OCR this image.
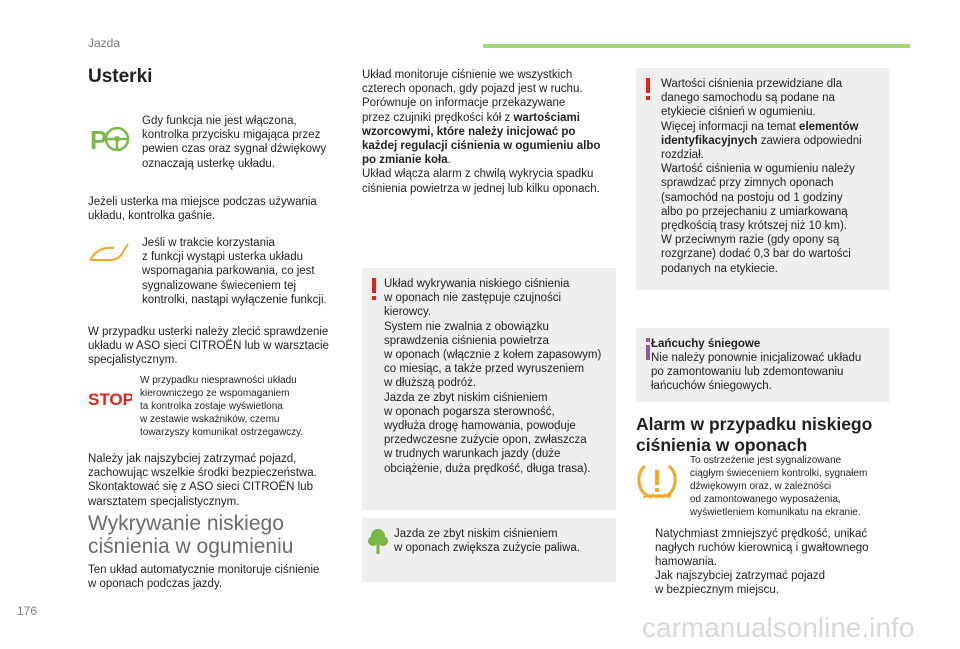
Jazda
Usterki
P
Gdy funkcja nie jest włączona,
kontrolka przycisku migająca przez
pewien czas oraz sygnał dźwiękowy
oznaczają usterkę układu.
Jeżeli usterka ma miejsce podczas używania
układu, kontrolka gaśnie.
Jeśli w trakcie korzystania
z funkcji wystąpi usterka układu
wspomagania parkowania, co jest
sygnalizowane świeceniem tej
kontrolki, nastąpi wyłączenie funkcji.
W przypadku usterki należy zlecić sprawdzenie
układu w ASO sieci CITROËN lub w warsztacie
specjalistycznym.
STOP
W przypadku niesprawności układu
kierowniczego ze wspomaganiem
ta kontrolka zostaje wyświetlona
w zestawie wskaźników, czemu
towarzyszy komunikat ostrzegawczy.
Należy jak najszybciej zatrzymać pojazd,
zachowując wszelkie środki bezpieczeństwa.
Skontaktować się z ASO sieci CITROËN lub
warsztatem specjalistycznym.
Wykrywanie niskiego
ciśnienia w ogumieniu
Ten układ automatycznie monitoruje ciśnienie
w oponach podczas jazdy.
176
Układ monitoruje ciśnienie we wszystkich
czterech oponach, gdy pojazd jest w ruchu.
Porównuje on informacje przekazywane
przez czujniki prędkości kół z wartościami
wzorcowymi, które należy inicjować po
każdej regulacji ciśnienia w ogumieniu albo
po zmianie koła.
Układ włącza alarm z chwilą wykrycia spadku
ciśnienia powietrza w jednej lub kilku oponach.
Układ wykrywania niskiego ciśnienia
w oponach nie zastępuje czujności
kierowcy.
System nie zwalnia z obowiązku
sprawdzenia ciśnienia powietrza
w oponach (włącznie z kołem zapasowym)
co miesiąc, a także przed wyruszeniem
w dłuższą podróż.
Jazda ze zbyt niskim ciśnieniem
w oponach pogarsza sterowność,
wydłuża drogę hamowania, powoduje
przedwczesne zużycie opon, zwłaszcza
w trudnych warunkach jazdy (duże
obciążenie, duża prędkość, długa trasa).
Jazda ze zbyt niskim ciśnieniem
w oponach zwiększa zużycie paliwa.
Wartości ciśnienia przewidziane dla
danego samochodu są podane na
etykiecie ciśnień w ogumieniu.
Więcej informacji na temat elementów
identyfikacyjnych zawiera odpowiedni
rozdział.
Wartość ciśnienia w ogumieniu należy
sprawdzać przy zimnych oponach
(samochód na postoju od 1 godziny
albo po przejechaniu z umiarkowaną
prędkością trasy krótszej niż 10 km).
W przeciwnym razie (gdy opony są
rozgrzane) dodać 0,3 bar do wartości
podanych na etykiecie.
Łańcuchy śniegowe
Nie należy ponownie inicjalizować układu
po zamontowaniu lub zdemontowaniu
łańcuchów śniegowych.
Alarm w przypadku niskiego
ciśnienia w oponach
To ostrzeżenie jest sygnalizowane
ciągłym świeceniem kontrolki, sygnałem
dźwiękowym oraz, w zależności
od zamontowanego wyposażenia,
wyświetleniem komunikatu na ekranie.
Natychmiast zmniejszyć prędkość, unikać
nagłych ruchów kierownicą i gwałtownego
hamowania.
Jak najszybciej zatrzymać pojazd
w bezpiecznym miejscu.
carmanualsonline.info
